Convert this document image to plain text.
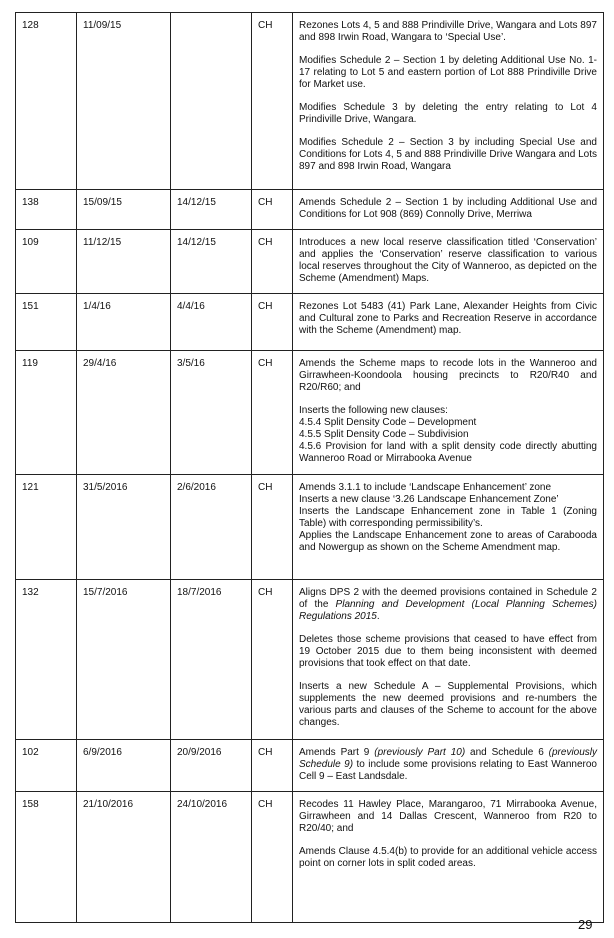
128	11/09/15		CH	Rezones Lots 4, 5 and 888 Prindiville Drive, Wangara and Lots 897 and 898 Irwin Road, Wangara to ‘Special Use’.

Modifies Schedule 2 – Section 1 by deleting Additional Use No. 1-17 relating to Lot 5 and eastern portion of Lot 888 Prindiville Drive for Market use.

Modifies Schedule 3 by deleting the entry relating to Lot 4 Prindiville Drive, Wangara.

Modifies Schedule 2 – Section 3 by including Special Use and Conditions for Lots 4, 5 and 888 Prindiville Drive Wangara and Lots 897 and 898 Irwin Road, Wangara

138	15/09/15	14/12/15	CH	Amends Schedule 2 – Section 1 by including Additional Use and Conditions for Lot 908 (869) Connolly Drive, Merriwa

109	11/12/15	14/12/15	CH	Introduces a new local reserve classification titled ‘Conservation’ and applies the ‘Conservation’ reserve classification to various local reserves throughout the City of Wanneroo, as depicted on the Scheme (Amendment) Maps.

151	1/4/16	4/4/16	CH	Rezones Lot 5483 (41) Park Lane, Alexander Heights from Civic and Cultural zone to Parks and Recreation Reserve in accordance with the Scheme (Amendment) map.

119	29/4/16	3/5/16	CH	Amends the Scheme maps to recode lots in the Wanneroo and Girrawheen-Koondoola housing precincts to R20/R40 and R20/R60; and

Inserts the following new clauses:
4.5.4 Split Density Code – Development
4.5.5 Split Density Code – Subdivision
4.5.6 Provision for land with a split density code directly abutting Wanneroo Road or Mirrabooka Avenue

121	31/5/2016	2/6/2016	CH	Amends 3.1.1 to include ‘Landscape Enhancement’ zone
Inserts a new clause ‘3.26 Landscape Enhancement Zone’
Inserts the Landscape Enhancement zone in Table 1 (Zoning Table) with corresponding permissibility’s.
Applies the Landscape Enhancement zone to areas of Carabooda and Nowergup as shown on the Scheme Amendment map.

132	15/7/2016	18/7/2016	CH	Aligns DPS 2 with the deemed provisions contained in Schedule 2 of the Planning and Development (Local Planning Schemes) Regulations 2015.

Deletes those scheme provisions that ceased to have effect from 19 October 2015 due to them being inconsistent with deemed provisions that took effect on that date.

Inserts a new Schedule A – Supplemental Provisions, which supplements the new deemed provisions and re-numbers the various parts and clauses of the Scheme to account for the above changes.

102	6/9/2016	20/9/2016	CH	Amends Part 9 (previously Part 10) and Schedule 6 (previously Schedule 9) to include some provisions relating to East Wanneroo Cell 9 – East Landsdale.

158	21/10/2016	24/10/2016	CH	Recodes 11 Hawley Place, Marangaroo, 71 Mirrabooka Avenue, Girrawheen and 14 Dallas Crescent, Wanneroo from R20 to R20/40; and

Amends Clause 4.5.4(b) to provide for an additional vehicle access point on corner lots in split coded areas.

29
